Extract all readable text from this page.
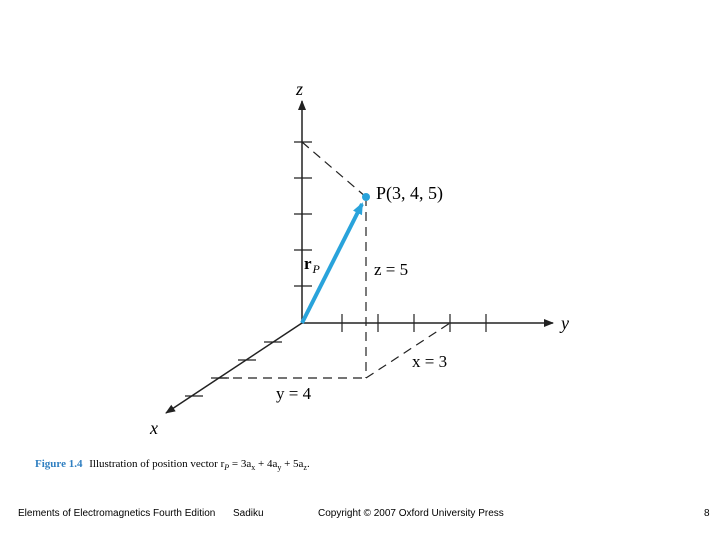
z
y
x
P(3, 4, 5)
$r_P$	z = 5
x = 3
y = 4
Figure 1.4 Illustration of position vector $r_P = 3a_x + 4a_y + 5a_z$.
Elements of Electromagnetics Fourth Edition Sadiku	Copyright © 2007 Oxford University Press	8
